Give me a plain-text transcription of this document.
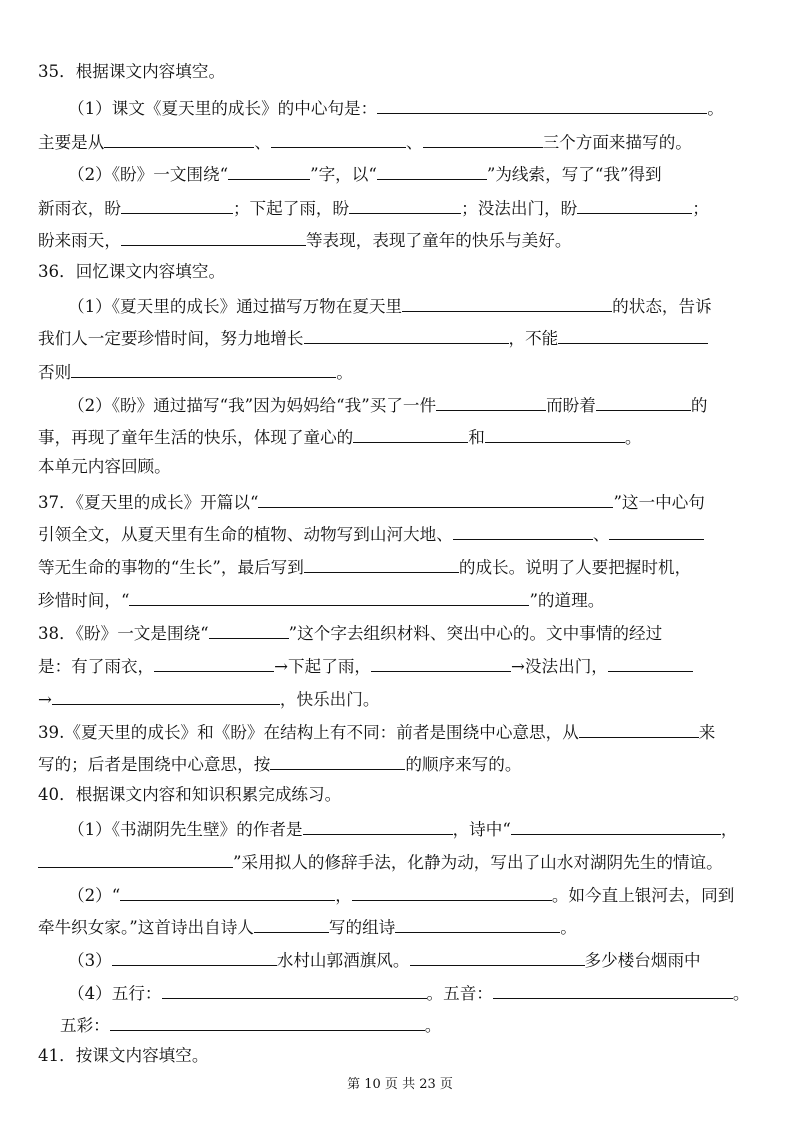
35．根据课文内容填空。
（1）课文《夏天里的成长》的中心句是：	。
主要是从	、	、	三个方面来描写的。
（2）《盼》一文围绕“	”字，以“	”为线索，写了“我”得到
新雨衣，盼	；下起了雨，盼	；没法出门，盼	；
盼来雨天，	等表现，表现了童年的快乐与美好。
36．回忆课文内容填空。
（1）《夏天里的成长》通过描写万物在夏天里	的状态，告诉
我们人一定要珍惜时间，努力地增长	，不能
否则	。
（2）《盼》通过描写“我”因为妈妈给“我”买了一件	而盼着	的
事，再现了童年生活的快乐，体现了童心的	和	。
本单元内容回顾。
37．《夏天里的成长》开篇以“	”这一中心句
引领全文，从夏天里有生命的植物、动物写到山河大地、	、
等无生命的事物的“生长”，最后写到	的成长。说明了人要把握时机，
珍惜时间，“	”的道理。
38．《盼》一文是围绕“	”这个字去组织材料、突出中心的。文中事情的经过
是：有了雨衣，	→下起了雨，	→没法出门，
→	，快乐出门。
39.《夏天里的成长》和《盼》在结构上有不同：前者是围绕中心意思，从	来
写的；后者是围绕中心意思，按	的顺序来写的。
40．根据课文内容和知识积累完成练习。
（1）《书湖阴先生壁》的作者是	，诗中“	，
”采用拟人的修辞手法，化静为动，写出了山水对湖阴先生的情谊。
（2）“	，	。如今直上银河去，同到
牵牛织女家。”这首诗出自诗人	写的组诗	。
（3）	水村山郭酒旗风。	多少楼台烟雨中
（4）五行：	。五音：	。
五彩：	。
41．按课文内容填空。
第 10 页 共 23 页
